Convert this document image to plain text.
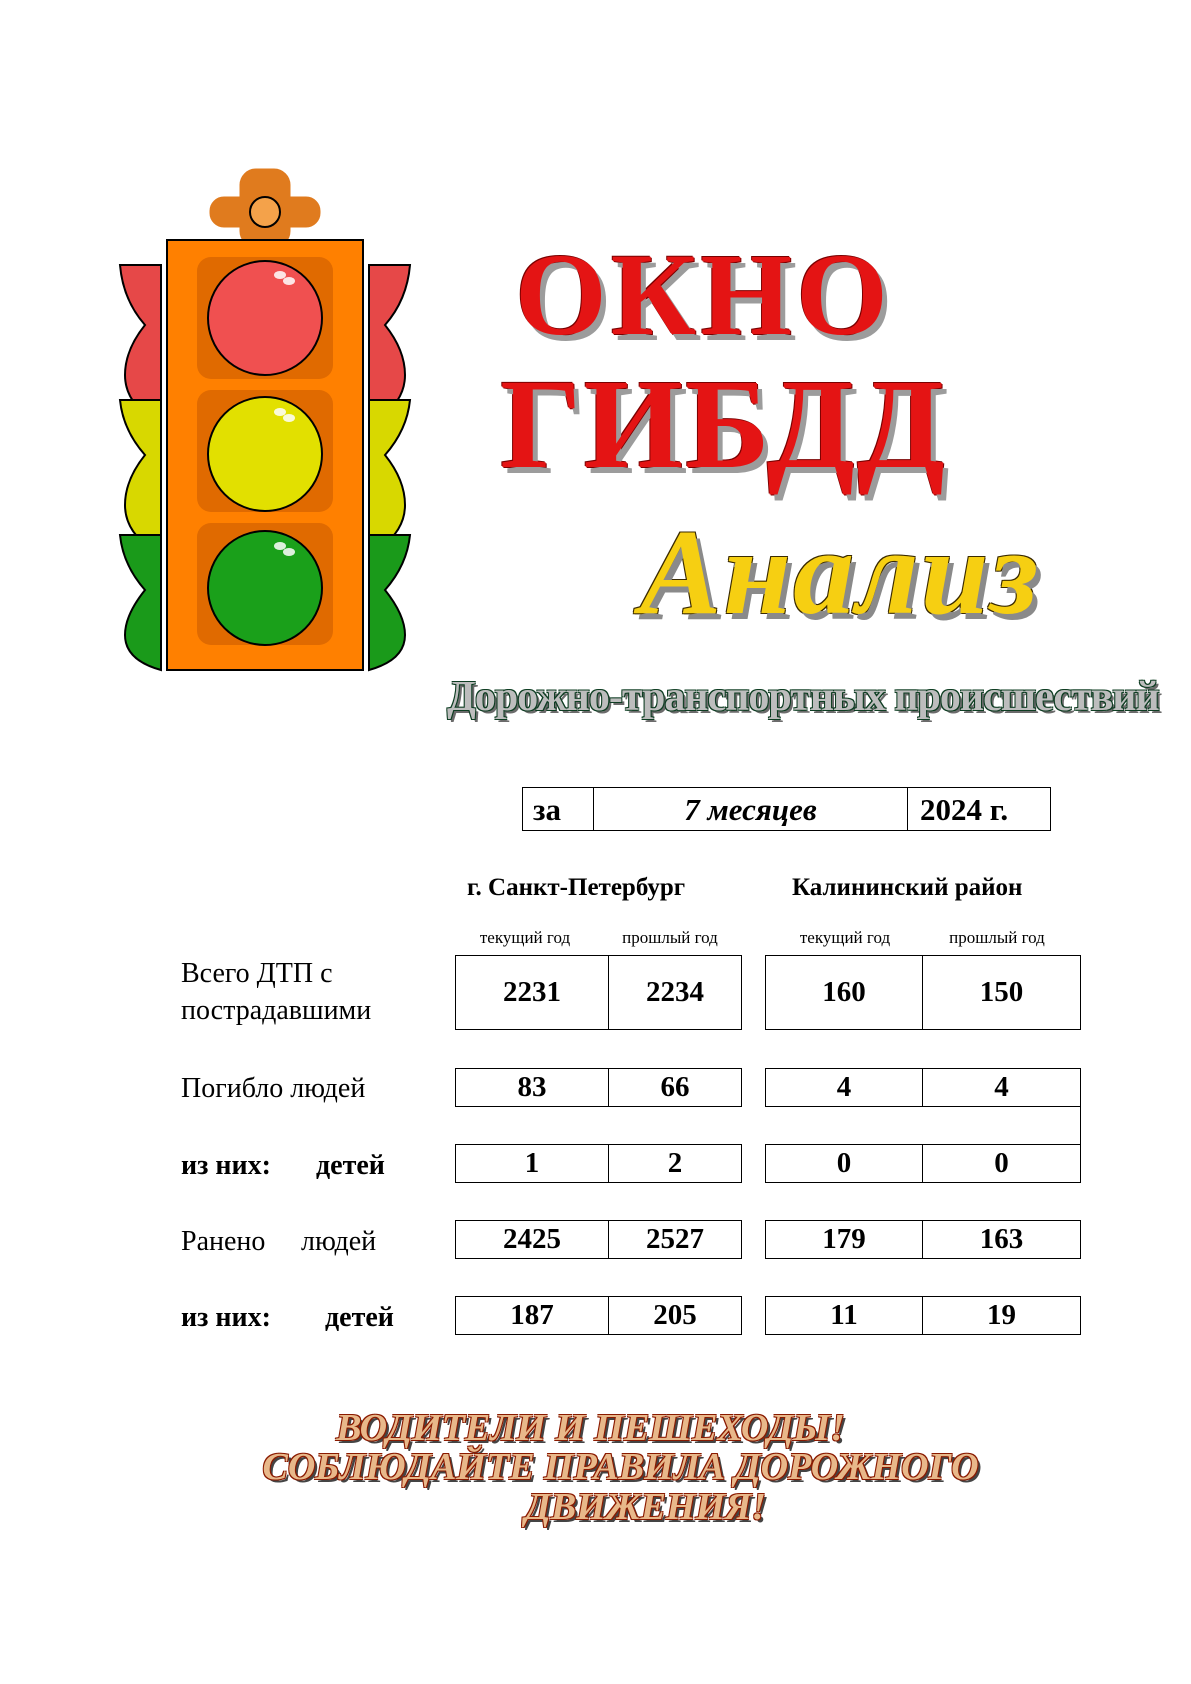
ОКНО
ГИБДД
Анализ
Дорожно-транспортных происшествий
за	7 месяцев	2024 г.
г. Санкт-Петербург	Калининский район
текущий год	прошлый год	текущий год	прошлый год
Всего ДТП с
пострадавшими
2231	2234	160	150
Погибло людей	83	66	4	4
из них: детей	1	2	0	0
Ранено людей	2425	2527	179	163
из них: детей	187	205	11	19
ВОДИТЕЛИ И ПЕШЕХОДЫ!
СОБЛЮДАЙТЕ ПРАВИЛА ДОРОЖНОГО
ДВИЖЕНИЯ!
